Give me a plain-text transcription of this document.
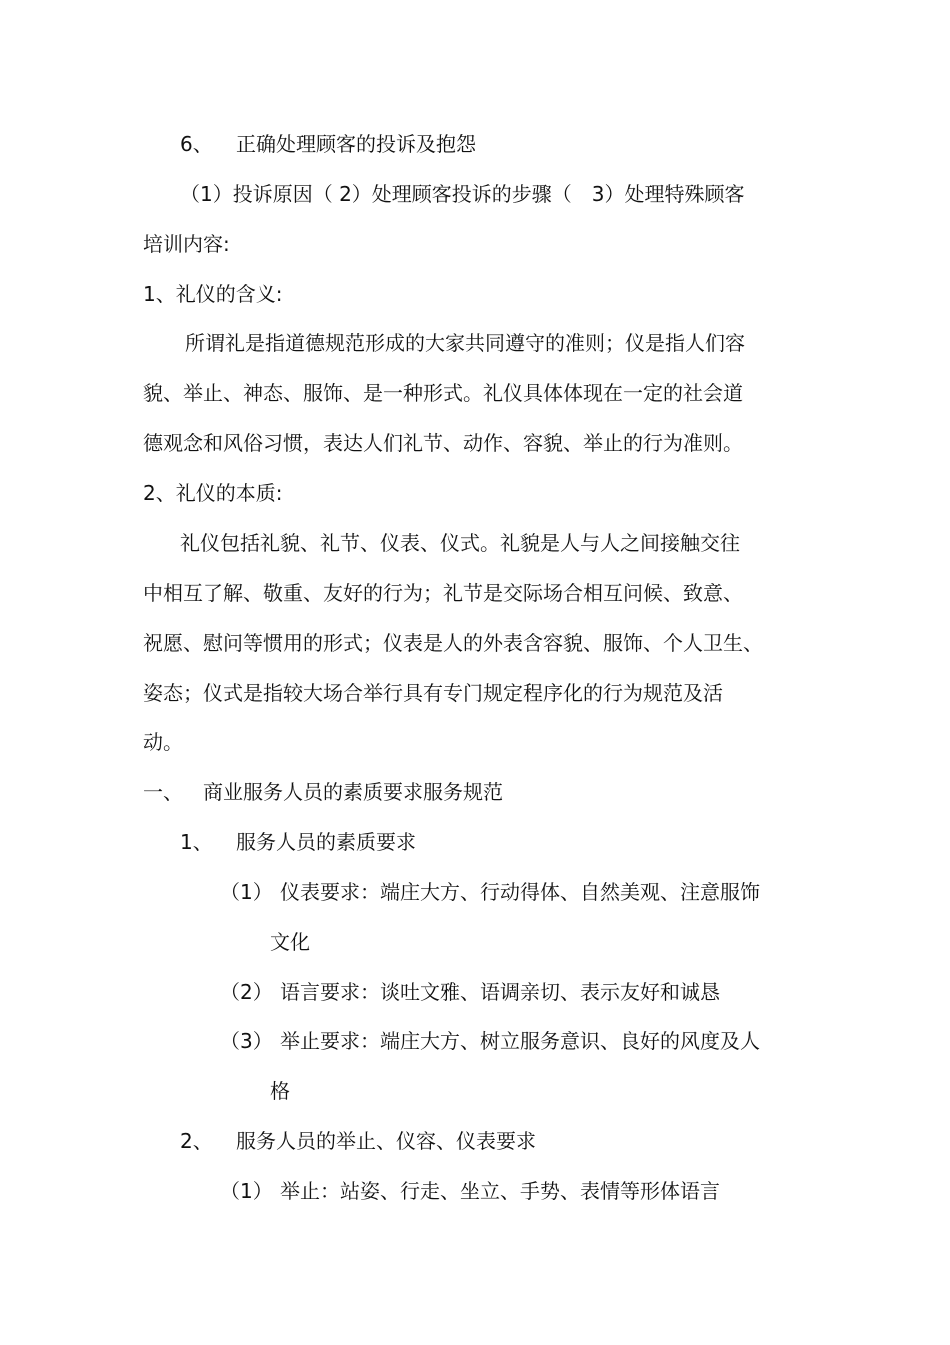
6、 正确处理顾客的投诉及抱怨
（1）投诉原因（ 2）处理顾客投诉的步骤（　3）处理特殊顾客
培训内容:
1、礼仪的含义:
所谓礼是指道德规范形成的大家共同遵守的准则；仪是指人们容
貌、举止、神态、服饰、是一种形式。礼仪具体体现在一定的社会道
德观念和风俗习惯，表达人们礼节、动作、容貌、举止的行为准则。
2、礼仪的本质:
礼仪包括礼貌、礼节、仪表、仪式。礼貌是人与人之间接触交往
中相互了解、敬重、友好的行为；礼节是交际场合相互问候、致意、
祝愿、慰问等惯用的形式；仪表是人的外表含容貌、服饰、个人卫生、
姿态；仪式是指较大场合举行具有专门规定程序化的行为规范及活
动。
一、 商业服务人员的素质要求服务规范
1、 服务人员的素质要求
（1） 仪表要求：端庄大方、行动得体、自然美观、注意服饰
文化
（2） 语言要求：谈吐文雅、语调亲切、表示友好和诚恳
（3） 举止要求：端庄大方、树立服务意识、良好的风度及人
格
2、 服务人员的举止、仪容、仪表要求
（1） 举止：站姿、行走、坐立、手势、表情等形体语言
